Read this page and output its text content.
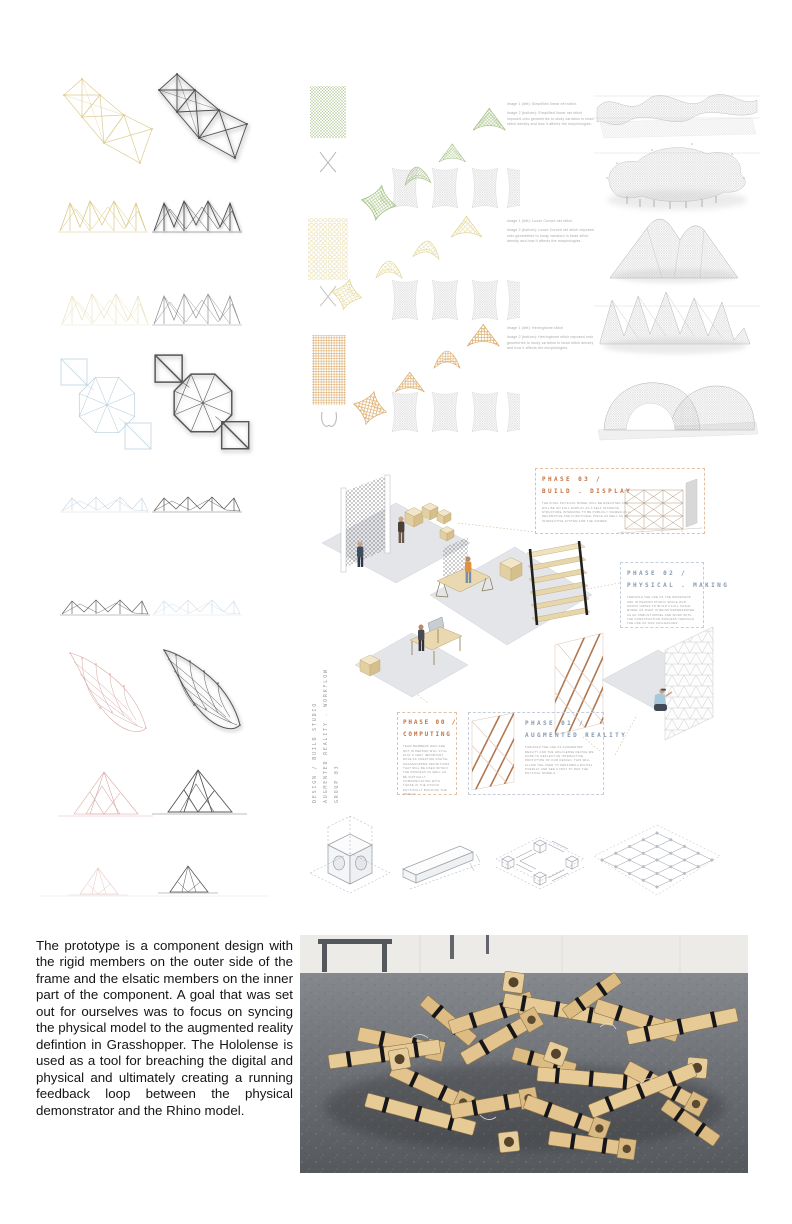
Image 1 (left): Simplified linear net stitch.

Image 2 (bottom): Simplified linear net stitch imposed onto geometries to study variation in bead stitch density and how it affects the morphologies.

Image 1 (left): Loose Curved net stitch.

Image 2 (bottom): Loose Curved net stitch imposed onto geometries to study variation in bead stitch density and how it affects the morphologies.

Image 1 (left): Herringbone stitch

Image 2 (bottom): Herringbone stitch imposed onto geometries to study variation in bead stitch density and how it affects the morphologies.

DESIGN / BUILD STUDIO AUGMENTED REALITY . WORKFLOW GROUP 03
PHASE 03 /
BUILD . DISPLAY
THE FINAL PHYSICAL MODEL WILL BE EXECUTED AND WILL BE ON FULL DISPLAY AS A SELF STANDING STRUCTURE INTENDING TO BE PUBLICLY VIEWED AS A DECORATIVE AND FUNCTIONAL PIECE AS WELL AS AN INTERACTIVE SYSTEM FOR THE VIEWER.
PHASE 02 /
PHYSICAL . MAKING
THROUGH THE USE OF THE WORKSHOP AND IN PERSON STUDIO SPACE OUR GROUP HOPES TO BUILD A FULL SCALE MODEL OF WHAT IS BEING REPRESENTED AS AN UNBUILT MODEL AND WORK WITH THE CONSTRUCTION PROCESS THROUGH THE USE OF OUR COLLEAGUES.
PHASE 00 /
COMPUTING
TEAM MEMBERS WHO ARE NOT IN PERSON WILL STILL PLAY A VERY IMPORTANT ROLE AS CREATING DIGITAL GRASSHOPPER DEFINITIONS THAT WILL BE USED WITHIN THE PROCESS AS WELL AS BE VIRTUALLY COMMUNICATING WITH THOSE IN THE STUDIO PHYSICALLY BUILDING THE OBJECT.
PHASE 01 /
AUGMENTED REALITY
THROUGH THE USE OF AUGMENTED REALITY AND THE HOLOLENSE DEVICE WE HOPE TO REFLECT AN INTERACTIVE PROTOTYPE OF OUR DESIGN. THIS WILL ALLOW THE USER TO PERFORM A DIGITAL OVERLAY AND SEE A TEST TO RUN THE PHYSICAL MODELS.
The prototype is a component design with the rigid members on the outer side of the frame and the elsatic members on the inner part of the component. A goal that was set out for ourselves was to focus on syncing the physical model to the augmented reality defintion in Grasshopper. The Hololense is used as a tool for breaching the digital and physical and ultimately creating a running feedback loop between the physical demonstrator and the Rhino model.
